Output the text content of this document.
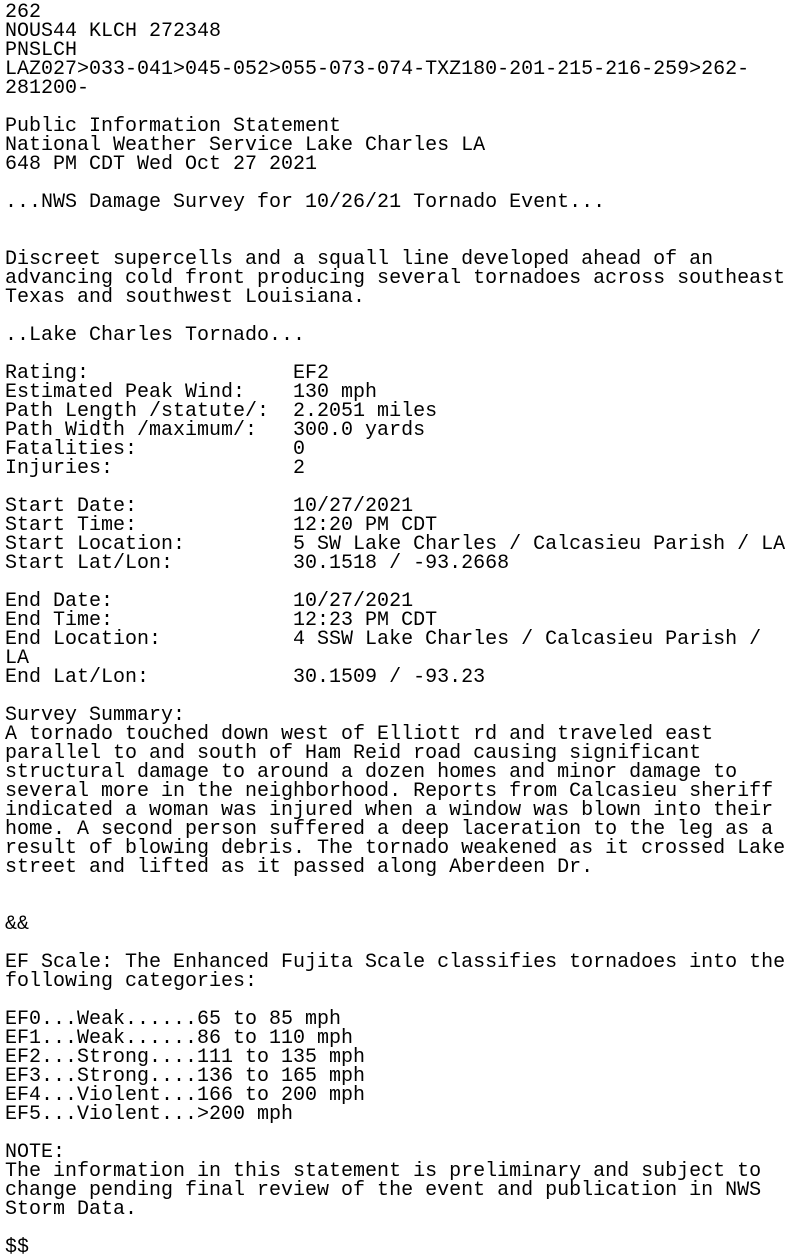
262
NOUS44 KLCH 272348
PNSLCH
LAZ027>033-041>045-052>055-073-074-TXZ180-201-215-216-259>262-
281200-
Public Information Statement
National Weather Service Lake Charles LA
648 PM CDT Wed Oct 27 2021
...NWS Damage Survey for 10/26/21 Tornado Event...
Discreet supercells and a squall line developed ahead of an
advancing cold front producing several tornadoes across southeast
Texas and southwest Louisiana.
..Lake Charles Tornado...
Rating:                 EF2
Estimated Peak Wind:    130 mph
Path Length /statute/:  2.2051 miles
Path Width /maximum/:   300.0 yards
Fatalities:             0
Injuries:               2
Start Date:             10/27/2021
Start Time:             12:20 PM CDT
Start Location:         5 SW Lake Charles / Calcasieu Parish / LA
Start Lat/Lon:          30.1518 / -93.2668
End Date:               10/27/2021
End Time:               12:23 PM CDT
End Location:           4 SSW Lake Charles / Calcasieu Parish /
LA
End Lat/Lon:            30.1509 / -93.23
Survey Summary:
A tornado touched down west of Elliott rd and traveled east
parallel to and south of Ham Reid road causing significant
structural damage to around a dozen homes and minor damage to
several more in the neighborhood. Reports from Calcasieu sheriff
indicated a woman was injured when a window was blown into their
home. A second person suffered a deep laceration to the leg as a
result of blowing debris. The tornado weakened as it crossed Lake
street and lifted as it passed along Aberdeen Dr.
&&
EF Scale: The Enhanced Fujita Scale classifies tornadoes into the
following categories:
EF0...Weak......65 to 85 mph
EF1...Weak......86 to 110 mph
EF2...Strong....111 to 135 mph
EF3...Strong....136 to 165 mph
EF4...Violent...166 to 200 mph
EF5...Violent...>200 mph
NOTE:
The information in this statement is preliminary and subject to
change pending final review of the event and publication in NWS
Storm Data.
$$
